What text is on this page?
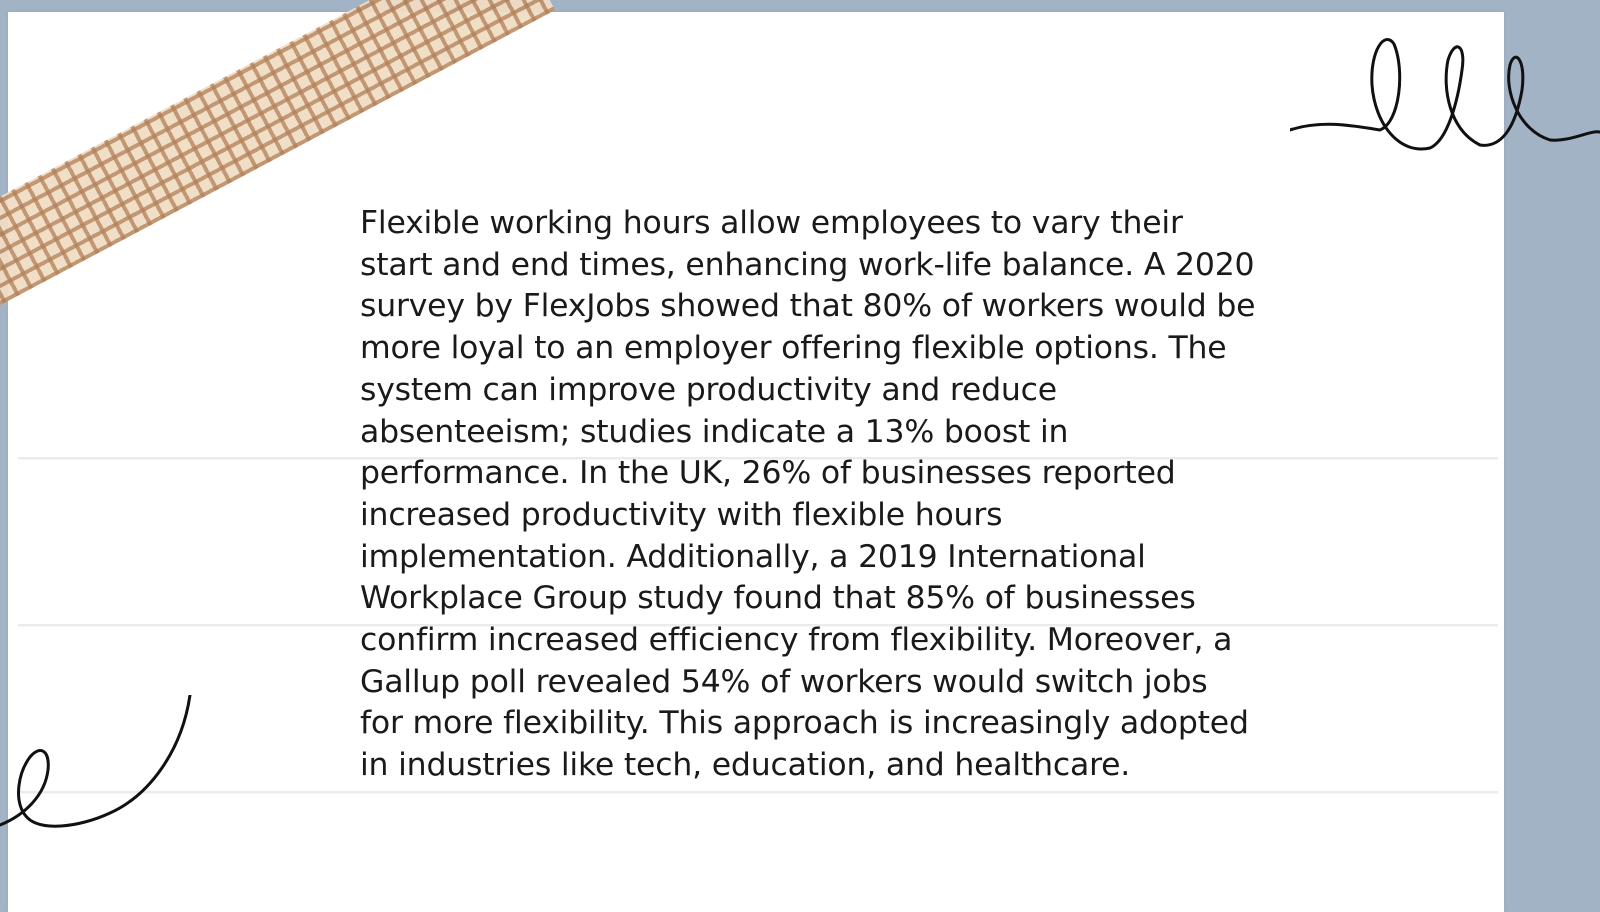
Flexible working hours allow employees to vary their start and end times, enhancing work-life balance. A 2020 survey by FlexJobs showed that 80% of workers would be more loyal to an employer offering flexible options. The system can improve productivity and reduce absenteeism; studies indicate a 13% boost in performance. In the UK, 26% of businesses reported increased productivity with flexible hours implementation. Additionally, a 2019 International Workplace Group study found that 85% of businesses confirm increased efficiency from flexibility. Moreover, a Gallup poll revealed 54% of workers would switch jobs for more flexibility. This approach is increasingly adopted in industries like tech, education, and healthcare.
